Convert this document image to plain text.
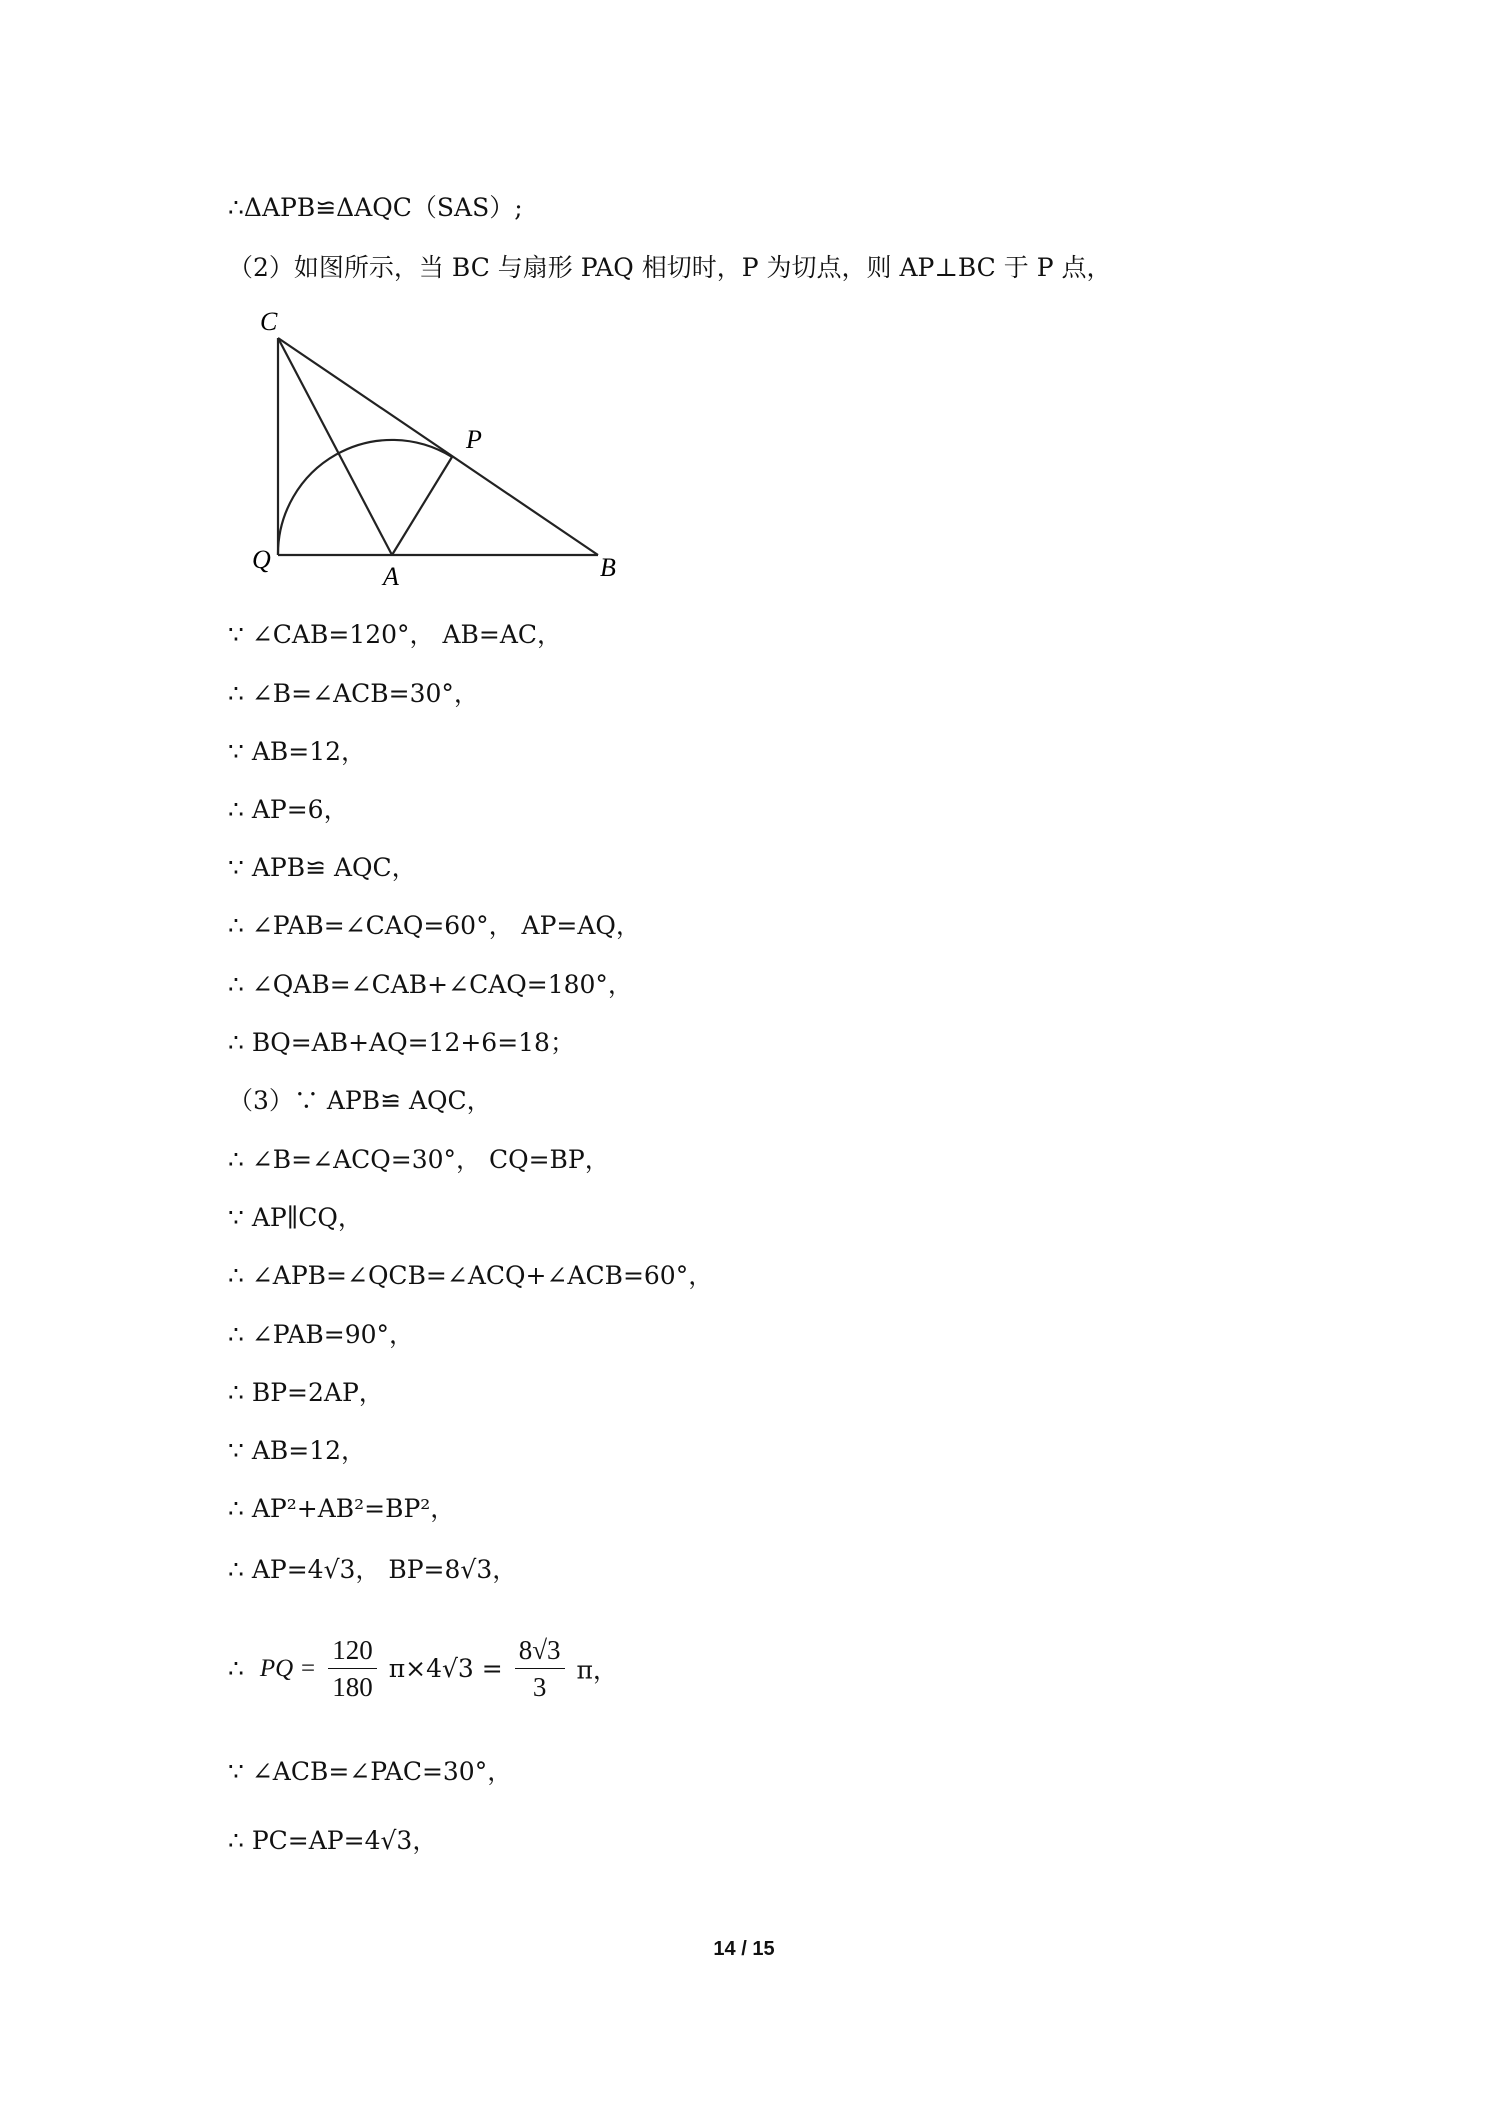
∴ΔAPB≌ΔAQC（SAS）;
（2）如图所示，当 BC 与扇形 PAQ 相切时，P 为切点，则 AP⊥BC 于 P 点，
C
P
Q
A	B
∵ ∠CAB=120°， AB=AC，
∴ ∠B=∠ACB=30°，
∵ AB=12，
∴ AP=6，
∵ APB≌ AQC，
∴ ∠PAB=∠CAQ=60°， AP=AQ，
∴ ∠QAB=∠CAB+∠CAQ=180°，
∴ BQ=AB+AQ=12+6=18；
（3）∵ APB≌ AQC，
∴ ∠B=∠ACQ=30°， CQ=BP，
∵ AP∥CQ，
∴ ∠APB=∠QCB=∠ACQ+∠ACB=60°，
∴ ∠PAB=90°，
∴ BP=2AP，
∵ AB=12，
∴ AP²+AB²=BP²，
∴ AP=4√3， BP=8√3，
∴ PQ = $\frac{120}{180} \pi\times 4√3 = \frac{8√3}{3}$ π，
∵ ∠ACB=∠PAC=30°，
∴ PC=AP=4√3，
14 / 15
